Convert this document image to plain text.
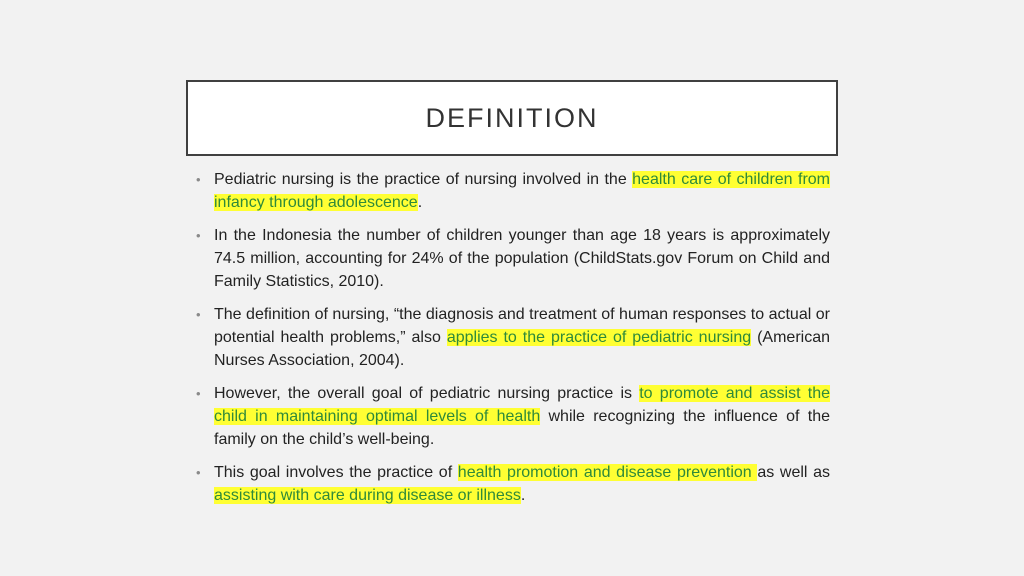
DEFINITION
• Pediatric nursing is the practice of nursing involved in the health care of children from infancy through adolescence.
• In the Indonesia the number of children younger than age 18 years is approximately 74.5 million, accounting for 24% of the population (ChildStats.gov Forum on Child and Family Statistics, 2010).
• The definition of nursing, “the diagnosis and treatment of human responses to actual or potential health problems,” also applies to the practice of pediatric nursing (American Nurses Association, 2004).
• However, the overall goal of pediatric nursing practice is to promote and assist the child in maintaining optimal levels of health while recognizing the influence of the family on the child’s well-being.
• This goal involves the practice of health promotion and disease prevention as well as assisting with care during disease or illness.
